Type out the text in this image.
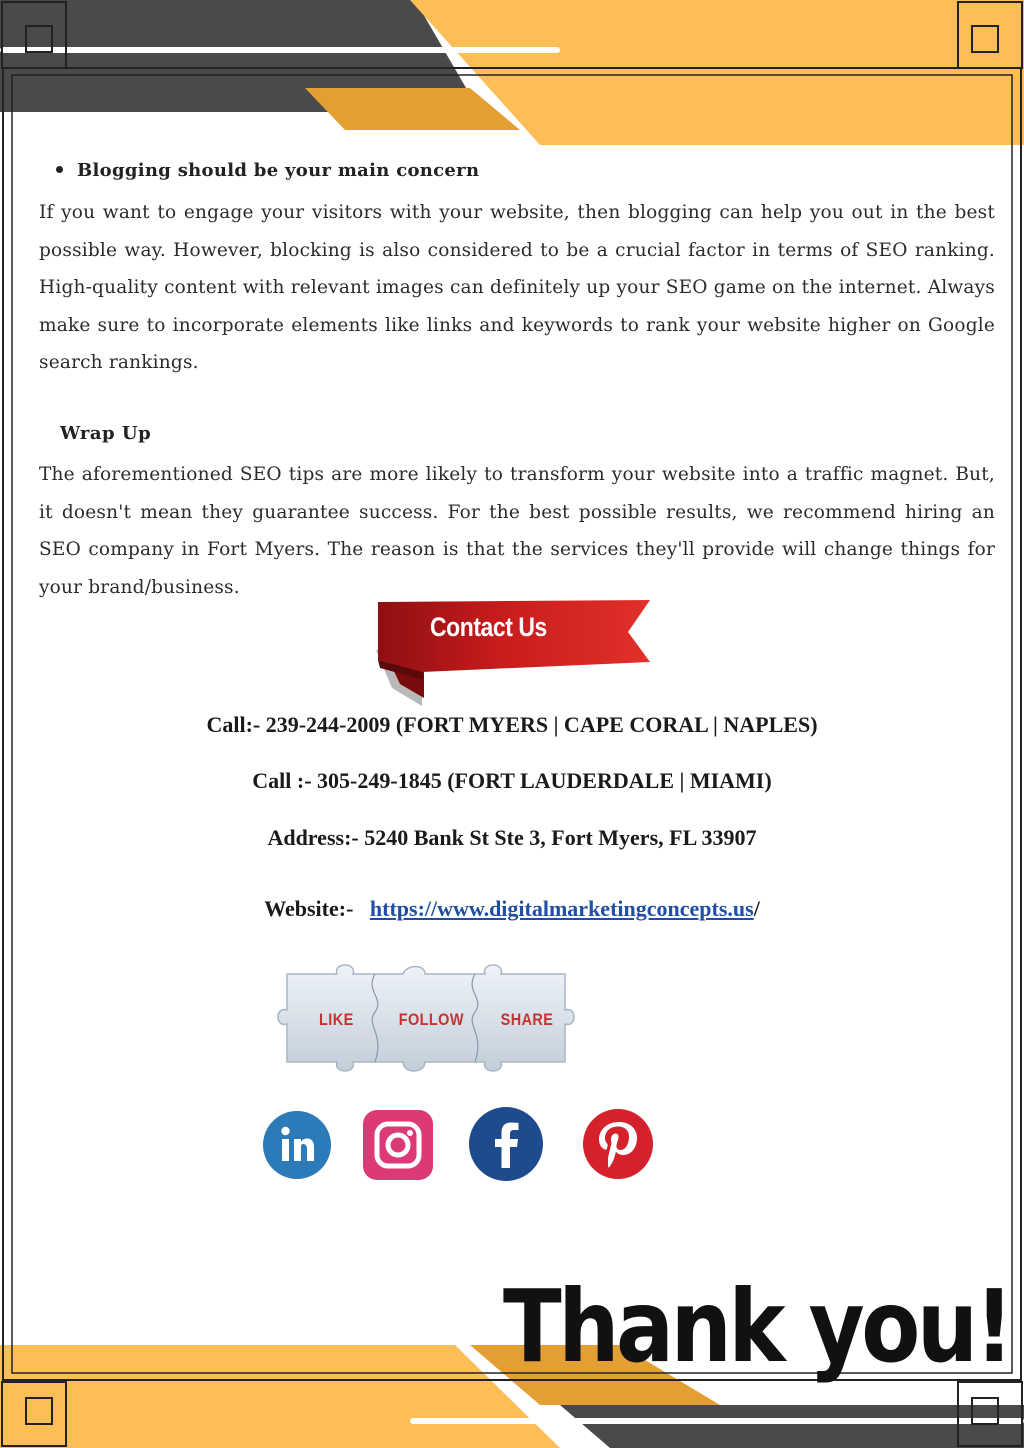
Blogging should be your main concern

If you want to engage your visitors with your website, then blogging can help you out in the best possible way. However, blocking is also considered to be a crucial factor in terms of SEO ranking. High-quality content with relevant images can definitely up your SEO game on the internet. Always make sure to incorporate elements like links and keywords to rank your website higher on Google search rankings.

Wrap Up

The aforementioned SEO tips are more likely to transform your website into a traffic magnet. But, it doesn't mean they guarantee success. For the best possible results, we recommend hiring an SEO company in Fort Myers. The reason is that the services they'll provide will change things for your brand/business.

Contact Us
Call:- 239-244-2009 (FORT MYERS | CAPE CORAL | NAPLES)
Call :- 305-249-1845 (FORT LAUDERDALE | MIAMI)
Address:- 5240 Bank St Ste 3, Fort Myers, FL 33907
Website:- https://www.digitalmarketingconcepts.us/
LIKE	FOLLOW SHARE
Thank you!
